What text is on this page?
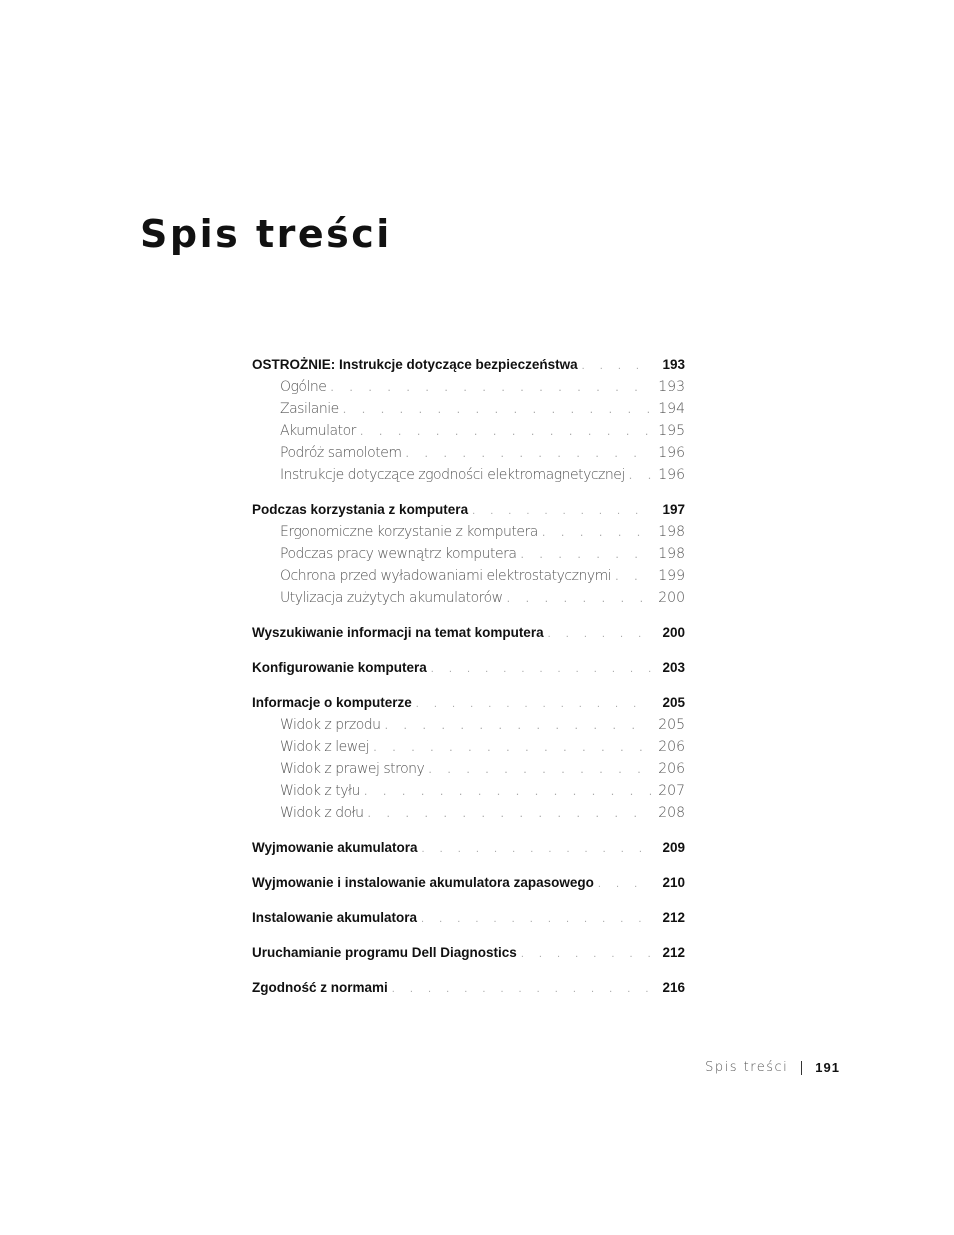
Spis treści
OSTROŻNIE: Instrukcje dotyczące bezpieczeństwa . . .	193
Ogólne . . .	193
Zasilanie . . .	194
Akumulator . . .	195
Podróż samolotem . . .	196
Instrukcje dotyczące zgodności elektromagnetycznej . . . 196
Podczas korzystania z komputera . . .	197
Ergonomiczne korzystanie z komputera . . .	198
Podczas pracy wewnątrz komputera . . .	198
Ochrona przed wyładowaniami elektrostatycznymi . . .	199
Utylizacja zużytych akumulatorów . . .	200
Wyszukiwanie informacji na temat komputera . . .	200
Konfigurowanie komputera . . .	203
Informacje o komputerze . . .	205
Widok z przodu . . .	205
Widok z lewej . . .	206
Widok z prawej strony . . .	206
Widok z tyłu . . .	207
Widok z dołu . . .	208
Wyjmowanie akumulatora . . .	209
Wyjmowanie i instalowanie akumulatora zapasowego . . .	210
Instalowanie akumulatora . . .	212
Uruchamianie programu Dell Diagnostics . . .	212
Zgodność z normami . . .	216
Spis treści 191
